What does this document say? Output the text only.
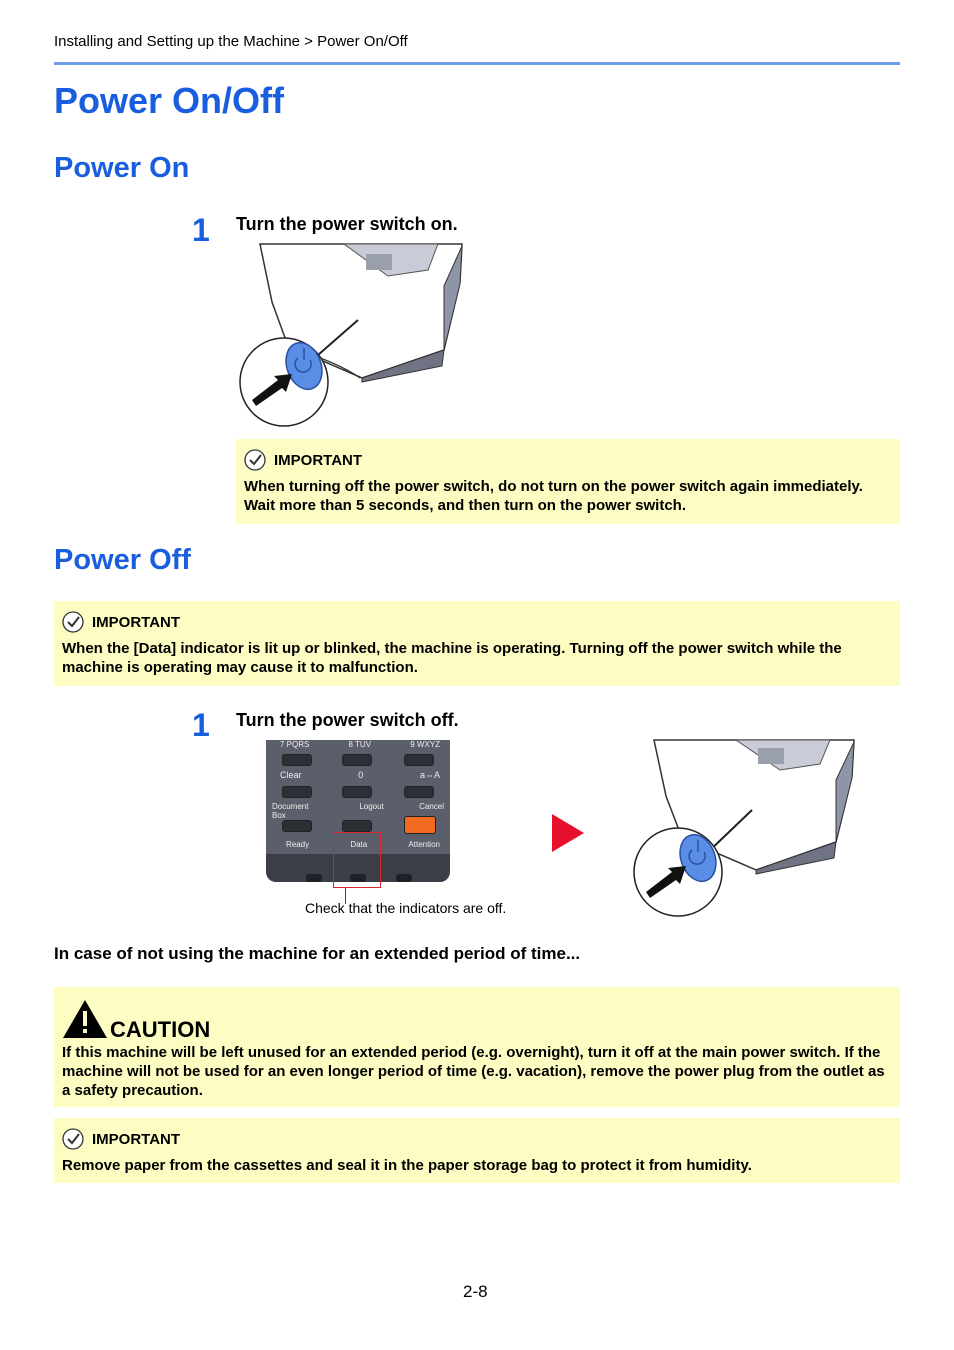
Installing and Setting up the Machine > Power On/Off
Power On/Off
Power On
1 Turn the power switch on.
IMPORTANT
When turning off the power switch, do not turn on the power switch again immediately. Wait more than 5 seconds, and then turn on the power switch.
Power Off
IMPORTANT
When the [Data] indicator is lit up or blinked, the machine is operating. Turning off the power switch while the machine is operating may cause it to malfunction.
1 Turn the power switch off.
7 PQRS	8 TUV	9 WXYZ
Clear	0	a⇔A
Document Box
Logout	Cancel
Ready	Data	Attention
Check that the indicators are off.
In case of not using the machine for an extended period of time...
CAUTION
If this machine will be left unused for an extended period (e.g. overnight), turn it off at the main power switch. If the machine will not be used for an even longer period of time (e.g. vacation), remove the power plug from the outlet as a safety precaution.
IMPORTANT
Remove paper from the cassettes and seal it in the paper storage bag to protect it from humidity.
2-8
